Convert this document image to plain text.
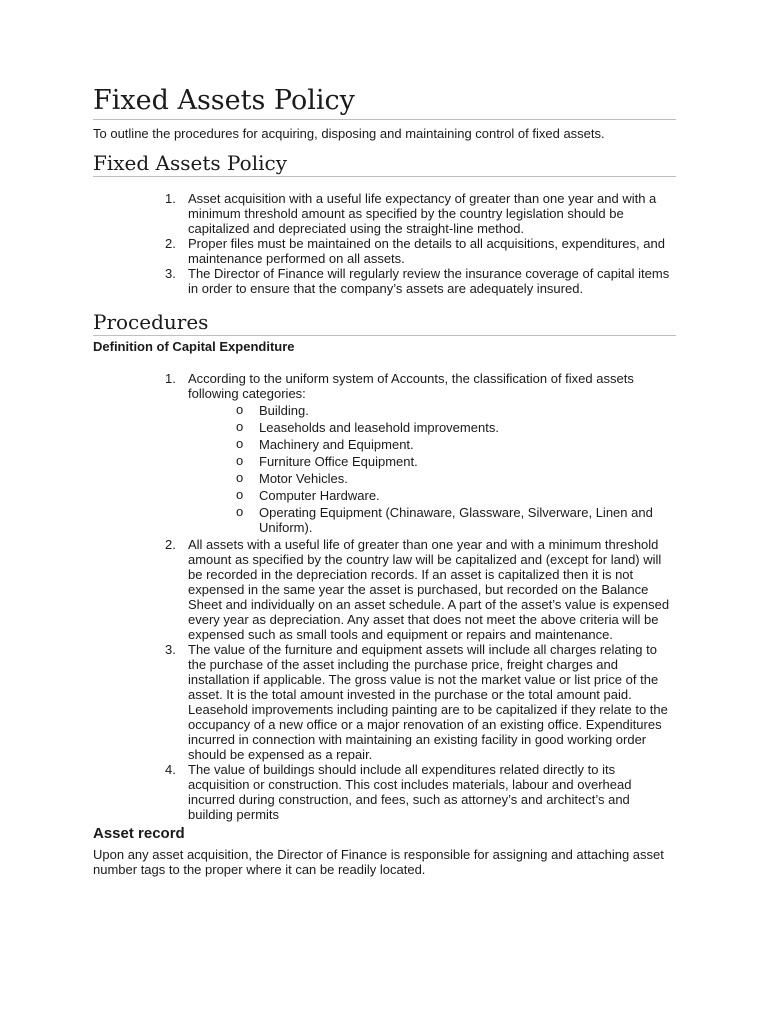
Fixed Assets Policy

To outline the procedures for acquiring, disposing and maintaining control of fixed assets.

Fixed Assets Policy
1. Asset acquisition with a useful life expectancy of greater than one year and with a minimum threshold amount as specified by the country legislation should be capitalized and depreciated using the straight-line method.
2. Proper files must be maintained on the details to all acquisitions, expenditures, and maintenance performed on all assets.
3. The Director of Finance will regularly review the insurance coverage of capital items in order to ensure that the company’s assets are adequately insured.
Procedures

Definition of Capital Expenditure

1. According to the uniform system of Accounts, the classification of fixed assets following categories:
o Building.
o Leaseholds and leasehold improvements.
o Machinery and Equipment.
o Furniture Office Equipment.
o Motor Vehicles.
o Computer Hardware.
o Operating Equipment (Chinaware, Glassware, Silverware, Linen and Uniform).
2. All assets with a useful life of greater than one year and with a minimum threshold amount as specified by the country law will be capitalized and (except for land) will be recorded in the depreciation records. If an asset is capitalized then it is not expensed in the same year the asset is purchased, but recorded on the Balance Sheet and individually on an asset schedule. A part of the asset’s value is expensed every year as depreciation. Any asset that does not meet the above criteria will be expensed such as small tools and equipment or repairs and maintenance.
3. The value of the furniture and equipment assets will include all charges relating to the purchase of the asset including the purchase price, freight charges and installation if applicable. The gross value is not the market value or list price of the asset. It is the total amount invested in the purchase or the total amount paid. Leasehold improvements including painting are to be capitalized if they relate to the occupancy of a new office or a major renovation of an existing office. Expenditures incurred in connection with maintaining an existing facility in good working order should be expensed as a repair.
4. The value of buildings should include all expenditures related directly to its acquisition or construction. This cost includes materials, labour and overhead incurred during construction, and fees, such as attorney’s and architect’s and building permits
Asset record

Upon any asset acquisition, the Director of Finance is responsible for assigning and attaching asset number tags to the proper where it can be readily located.
